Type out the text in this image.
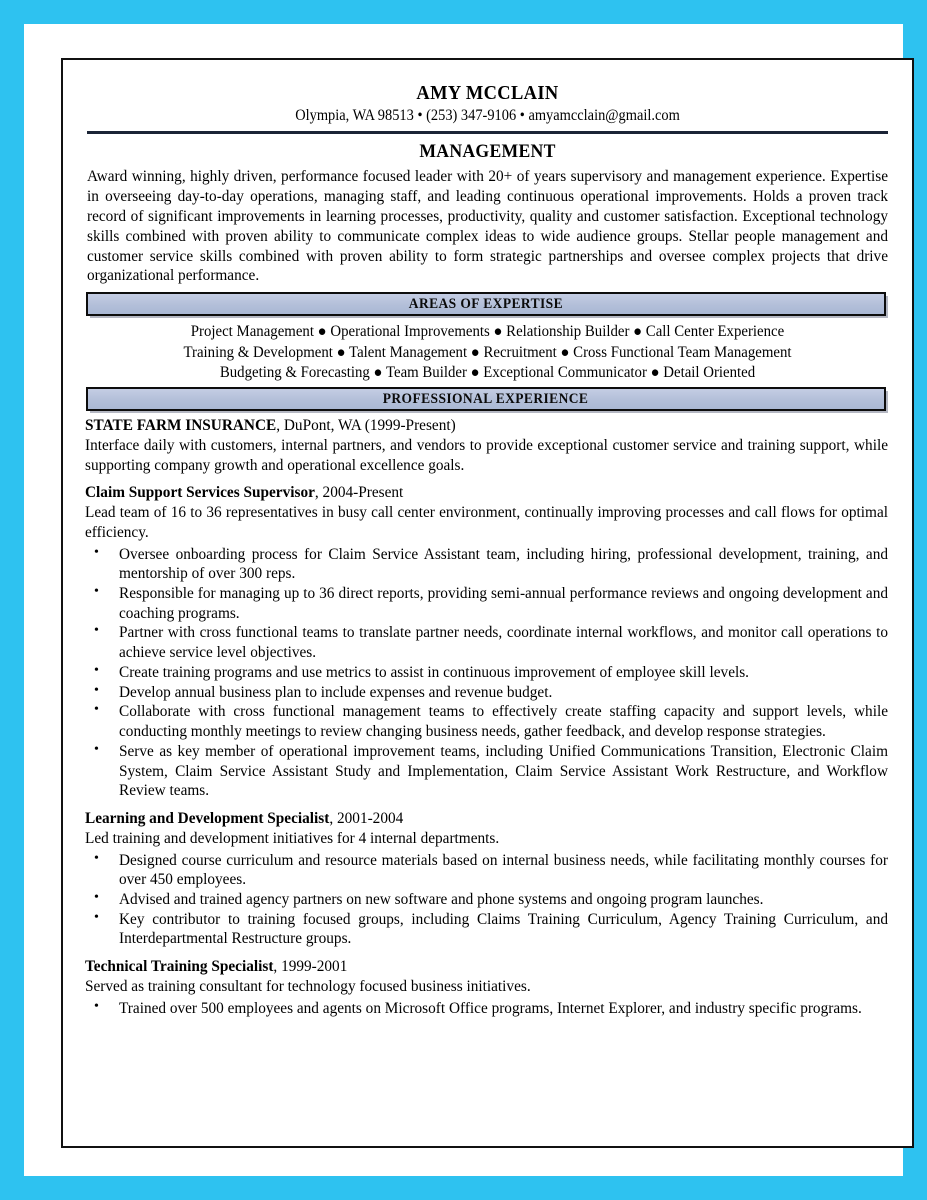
AMY MCCLAIN
Olympia, WA 98513 • (253) 347-9106 • amyamcclain@gmail.com
MANAGEMENT
Award winning, highly driven, performance focused leader with 20+ of years supervisory and management experience. Expertise in overseeing day-to-day operations, managing staff, and leading continuous operational improvements. Holds a proven track record of significant improvements in learning processes, productivity, quality and customer satisfaction. Exceptional technology skills combined with proven ability to communicate complex ideas to wide audience groups. Stellar people management and customer service skills combined with proven ability to form strategic partnerships and oversee complex projects that drive organizational performance.
AREAS OF EXPERTISE
Project Management ● Operational Improvements ● Relationship Builder ● Call Center Experience
Training & Development ● Talent Management ● Recruitment ● Cross Functional Team Management
Budgeting & Forecasting ● Team Builder ● Exceptional Communicator ● Detail Oriented
PROFESSIONAL EXPERIENCE
STATE FARM INSURANCE, DuPont, WA (1999-Present)
Interface daily with customers, internal partners, and vendors to provide exceptional customer service and training support, while supporting company growth and operational excellence goals.
Claim Support Services Supervisor, 2004-Present
Lead team of 16 to 36 representatives in busy call center environment, continually improving processes and call flows for optimal efficiency.
• Oversee onboarding process for Claim Service Assistant team, including hiring, professional development, training, and mentorship of over 300 reps.
• Responsible for managing up to 36 direct reports, providing semi-annual performance reviews and ongoing development and coaching programs.
• Partner with cross functional teams to translate partner needs, coordinate internal workflows, and monitor call operations to achieve service level objectives.
• Create training programs and use metrics to assist in continuous improvement of employee skill levels.
• Develop annual business plan to include expenses and revenue budget.
• Collaborate with cross functional management teams to effectively create staffing capacity and support levels, while conducting monthly meetings to review changing business needs, gather feedback, and develop response strategies.
• Serve as key member of operational improvement teams, including Unified Communications Transition, Electronic Claim System, Claim Service Assistant Study and Implementation, Claim Service Assistant Work Restructure, and Workflow Review teams.
Learning and Development Specialist, 2001-2004
Led training and development initiatives for 4 internal departments.
• Designed course curriculum and resource materials based on internal business needs, while facilitating monthly courses for over 450 employees.
• Advised and trained agency partners on new software and phone systems and ongoing program launches.
• Key contributor to training focused groups, including Claims Training Curriculum, Agency Training Curriculum, and Interdepartmental Restructure groups.
Technical Training Specialist, 1999-2001
Served as training consultant for technology focused business initiatives.
• Trained over 500 employees and agents on Microsoft Office programs, Internet Explorer, and industry specific programs.
